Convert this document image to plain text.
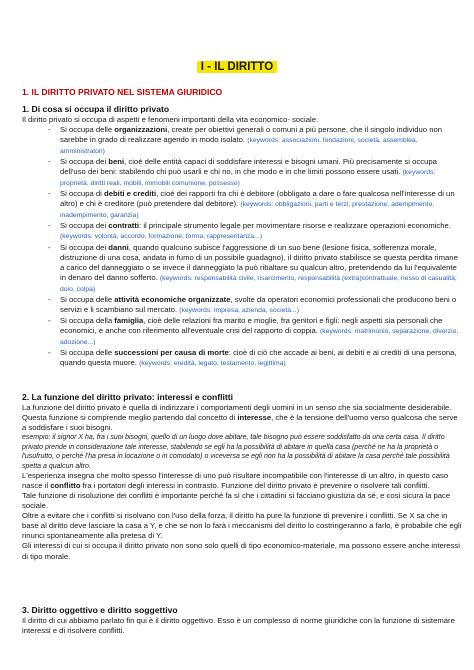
I - IL DIRITTO
1. IL DIRITTO PRIVATO NEL SISTEMA GIURIDICO
1. Di cosa si occupa il diritto privato

Il diritto privato si occupa di aspetti e fenomeni importanti della vita economico- sociale.

- Si occupa delle organizzazioni, create per obiettivi generali o comuni a più persone, che il singolo individuo non sarebbe in grado di realizzare agendo in modo isolato. (keywords: associazioni, fondazioni, società, assemblea, amministratori)
- Si occupa dei beni, cioè delle entità capaci di soddisfare interessi e bisogni umani. Più precisamente si occupa dell'uso dei beni: stabilendo chi può usarli e chi no, in che modo e in che limiti possono essere usati. (keywords: proprietà, diritti reali, mobili, immobili comunione, possesso)
- Si occupa di debiti e crediti, cioè dei rapporti fra chi è debitore (obbligato a dare o fare qualcosa nell'interesse di un altro) e chi è creditore (può pretendere dal debitore). (keywords: obbligazioni, parti e terzi, prestazione, adempimento, inadempimento, garanzia)
- Si occupa dei contratti: il principale strumento legale per movimentare risorse e realizzare operazioni economiche. (keywords: volontà, accordo, formazione, forma, rappresentanza...)
- Si occupa dei danni, quando qualcuno subisce l'aggressione di un suo bene (lesione fisica, sofferenza morale, distruzione di una cosa, andata in fumo di un possibile guadagno), il diritto privato stabilisce se questa perdita rimane a carico del danneggiato o se invece il danneggiato la può ribaltare su qualcun altro, pretendendo da lui l'equivalente in denaro del danno sofferto. (keywords: responsabilità civile, risarcimento, responsabilità (extra)contrattuale, nesso di casualità, dolo, colpa)
- Si occupa delle attività economiche organizzate, svolte da operatori economici professionali che producono beni o servizi e li scambiano sul mercato. (keywords: impresa, azienda, società...)
- Si occupa della famiglia, cioè delle relazioni fra marito e moglie, fra genitori e figli: negli aspetti sia personali che economici, e anche con riferimento all'eventuale crisi del rapporto di coppia. (keywords: matrimonio, separazione, divorzio, adozione...)
- Si occupa delle successioni per causa di morte: cioè di ciò che accade ai beni, ai debiti e ai crediti di una persona, quando questa muore. (keywords: eredità, legato, testamento, legittima)
2. La funzione del diritto privato: interessi e conflitti

La funzione del diritto privato è quella di indirizzare i comportamenti degli uomini in un senso che sia socialmente desiderabile.

Questa funzione si comprende meglio partendo dal concetto di interesse, che è la tensione dell'uomo verso qualcosa che serve a soddisfare i suoi bisogni.

esempio: il signor X ha, fra i suoi bisogni, quello di un luogo dove abitare, tale bisogno può essere soddisfatto da una certa casa. Il diritto privato prende in considerazione tale interesse, stabilendo se egli ha la possibilità di abitare in quella casa (perché ne ha la proprietà o l'usufrutto, o perché l'ha presa in locazione o in comodato) o viceversa se egli non ha la possibilità di abitare la casa perché tale possibilità spetta a qualcun altro.

L'esperienza insegna che molto spesso l'interesse di uno può risultare incompatibile con l'interesse di un altro, in questo caso nasce il conflitto fra i portatori degli interessi in contrasto. Funzione del diritto privato è prevenire o risolvere tali conflitti.

Tale funzione di risoluzione dei conflitti è importante perché fa sì che i cittadini si facciano giustizia da sé, e così sicura la pace sociale.

Oltre a evitare che i conflitti si risolvano con l'uso della forza, il diritto ha pure la funzione di prevenire i conflitti. Se X sa che in base al diritto deve lasciare la casa a Y, e che se non lo farà i meccanismi del diritto lo costringeranno a farlo, è probabile che egli rinunci spontaneamente alla pretesa di Y.

Gli interessi di cui si occupa il diritto privato non sono solo quelli di tipo economico-materiale, ma possono essere anche interessi di tipo morale.

3. Diritto oggettivo e diritto soggettivo

Il diritto di cui abbiamo parlato fin qui è il diritto oggettivo. Esso è un complesso di norme giuridiche con la funzione di sistemare interessi e di risolvere conflitti.
